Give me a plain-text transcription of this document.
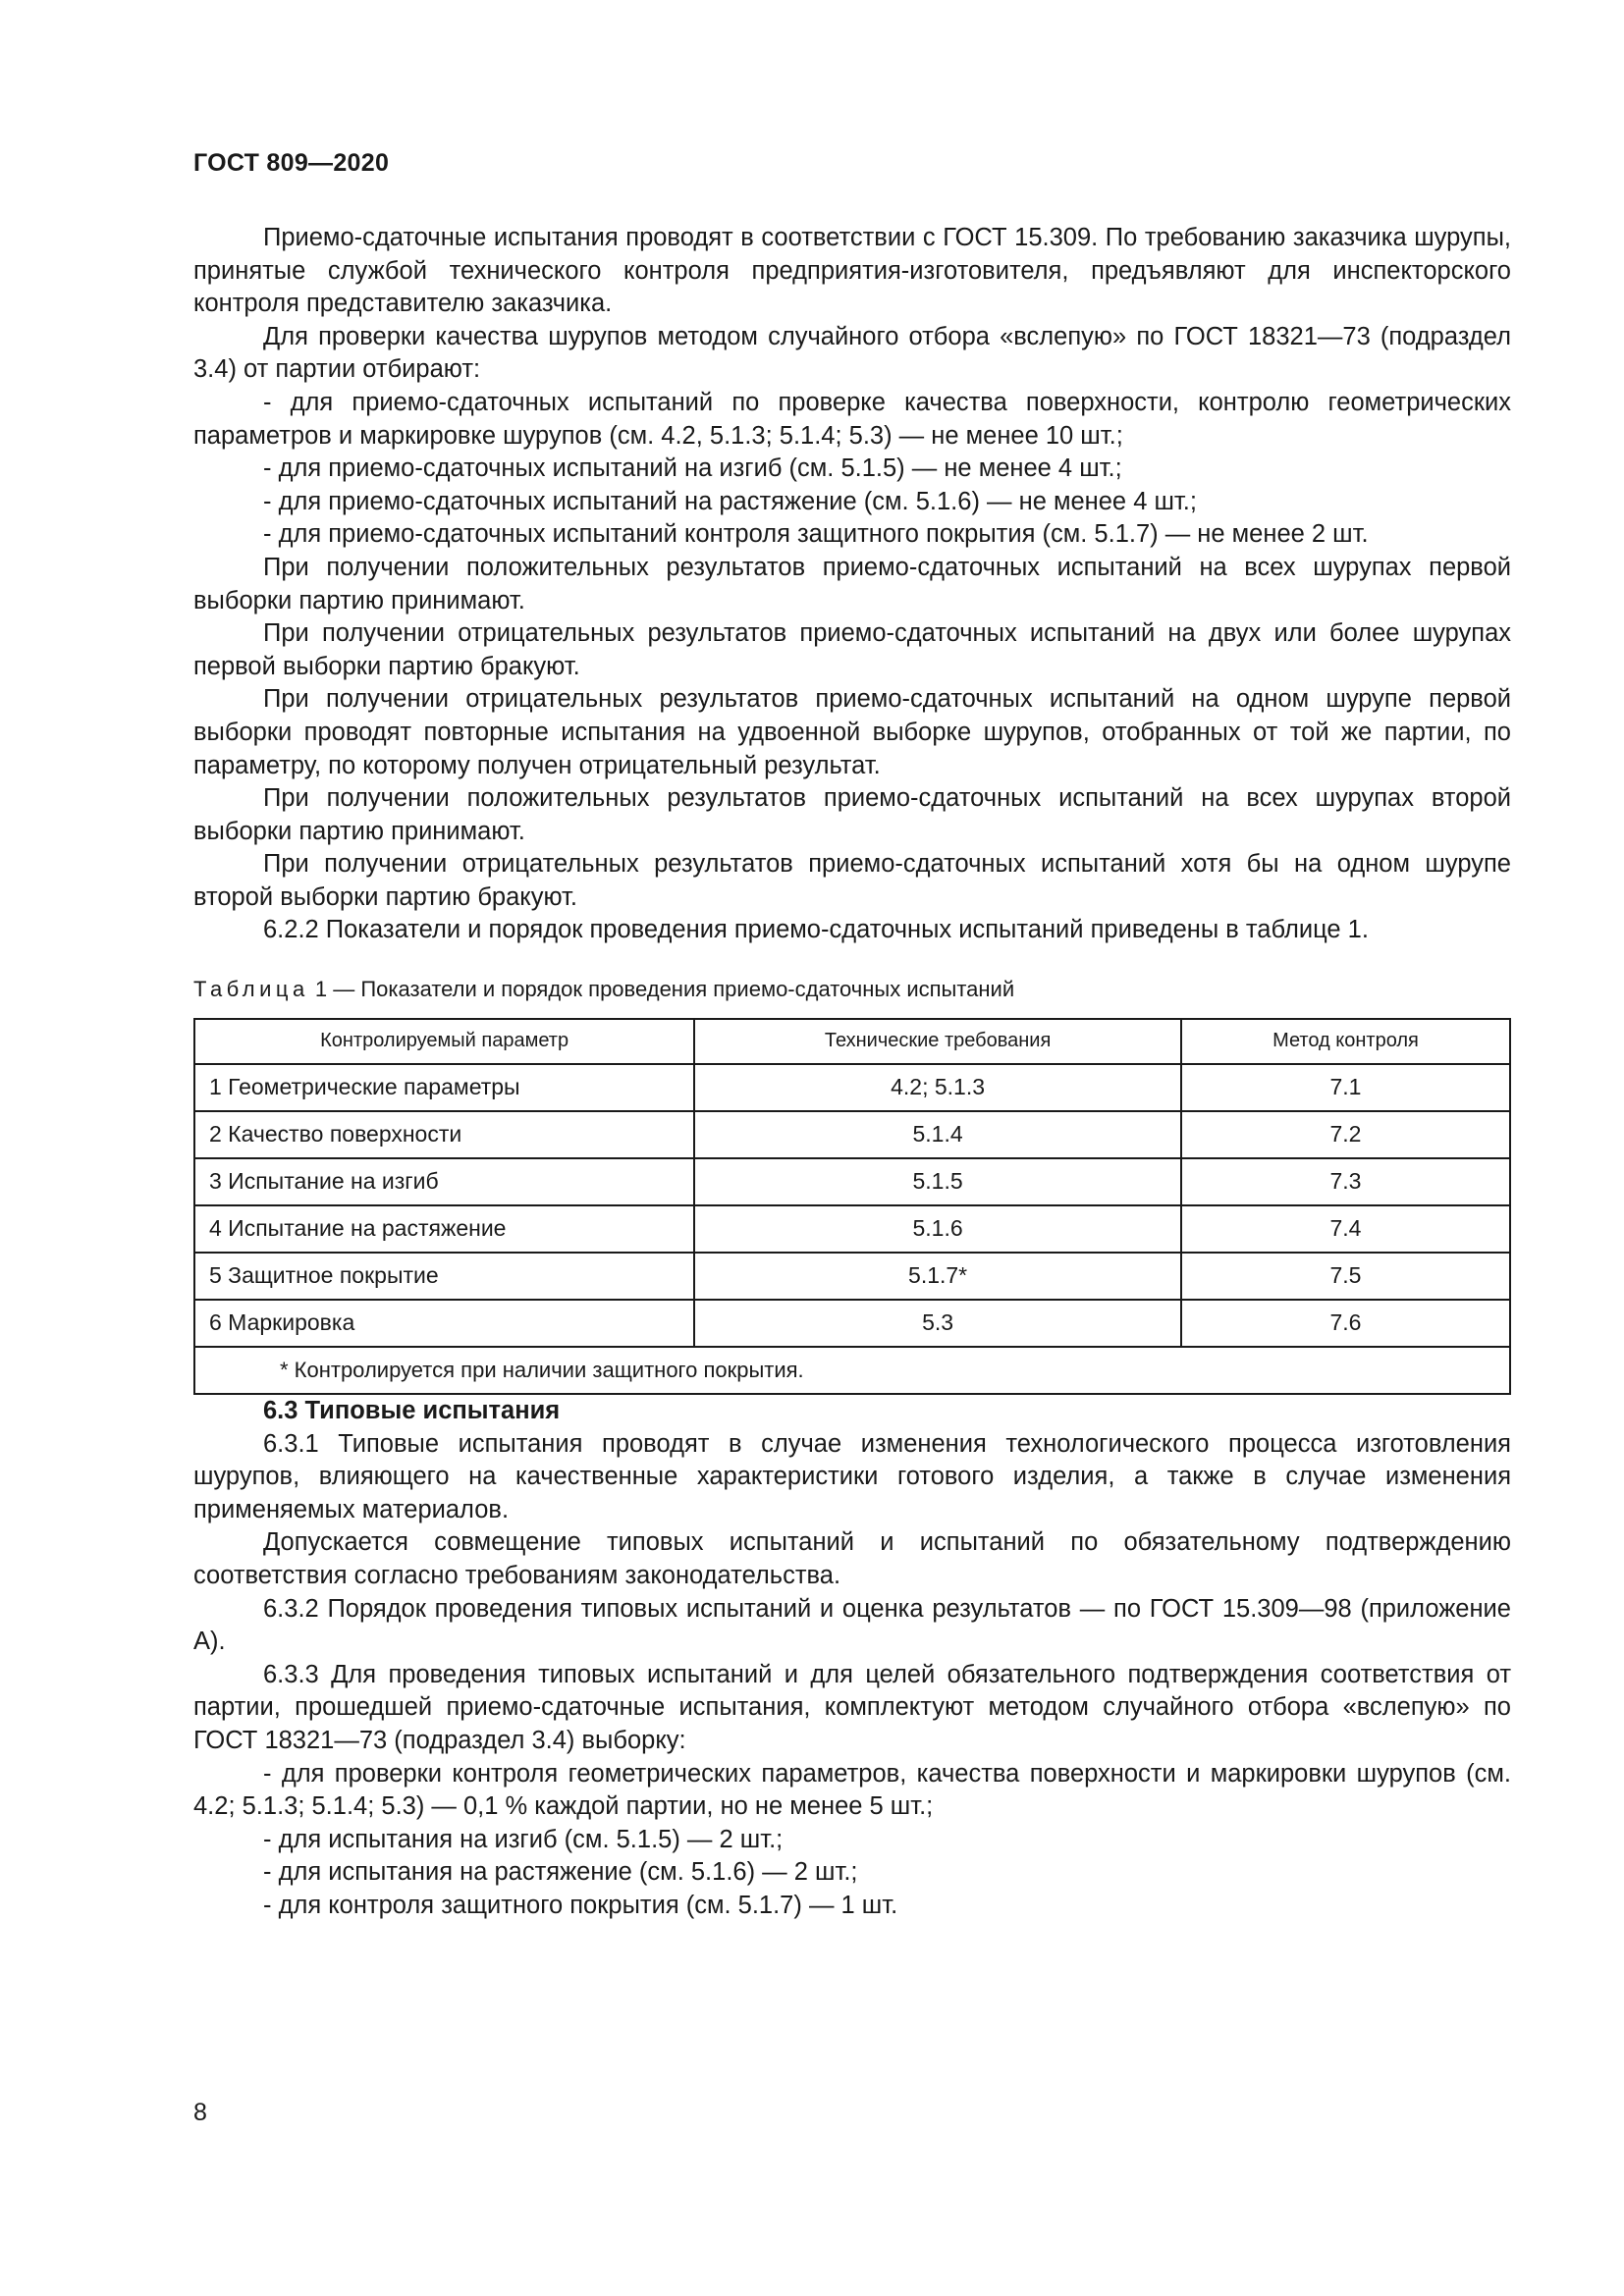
ГОСТ 809—2020

Приемо-сдаточные испытания проводят в соответствии с ГОСТ 15.309. По требованию заказчика шурупы, принятые службой технического контроля предприятия-изготовителя, предъявляют для инспекторского контроля представителю заказчика.

Для проверки качества шурупов методом случайного отбора «вслепую» по ГОСТ 18321—73 (подраздел 3.4) от партии отбирают:

- для приемо-сдаточных испытаний по проверке качества поверхности, контролю геометрических параметров и маркировке шурупов (см. 4.2, 5.1.3; 5.1.4; 5.3) — не менее 10 шт.;

- для приемо-сдаточных испытаний на изгиб (см. 5.1.5) — не менее 4 шт.;

- для приемо-сдаточных испытаний на растяжение (см. 5.1.6) — не менее 4 шт.;

- для приемо-сдаточных испытаний контроля защитного покрытия (см. 5.1.7) — не менее 2 шт.

При получении положительных результатов приемо-сдаточных испытаний на всех шурупах первой выборки партию принимают.

При получении отрицательных результатов приемо-сдаточных испытаний на двух или более шурупах первой выборки партию бракуют.

При получении отрицательных результатов приемо-сдаточных испытаний на одном шурупе первой выборки проводят повторные испытания на удвоенной выборке шурупов, отобранных от той же партии, по параметру, по которому получен отрицательный результат.

При получении положительных результатов приемо-сдаточных испытаний на всех шурупах второй выборки партию принимают.

При получении отрицательных результатов приемо-сдаточных испытаний хотя бы на одном шурупе второй выборки партию бракуют.

6.2.2 Показатели и порядок проведения приемо-сдаточных испытаний приведены в таблице 1.

Таблица 1 — Показатели и порядок проведения приемо-сдаточных испытаний
Контролируемый параметр	Технические требования	Метод контроля
1 Геометрические параметры	4.2; 5.1.3	7.1
2 Качество поверхности	5.1.4	7.2
3 Испытание на изгиб	5.1.5	7.3
4 Испытание на растяжение	5.1.6	7.4
5 Защитное покрытие	5.1.7*	7.5
6 Маркировка	5.3	7.6
* Контролируется при наличии защитного покрытия.		

6.3 Типовые испытания

6.3.1 Типовые испытания проводят в случае изменения технологического процесса изготовления шурупов, влияющего на качественные характеристики готового изделия, а также в случае изменения применяемых материалов.

Допускается совмещение типовых испытаний и испытаний по обязательному подтверждению соответствия согласно требованиям законодательства.

6.3.2 Порядок проведения типовых испытаний и оценка результатов — по ГОСТ 15.309—98 (приложение А).

6.3.3 Для проведения типовых испытаний и для целей обязательного подтверждения соответствия от партии, прошедшей приемо-сдаточные испытания, комплектуют методом случайного отбора «вслепую» по ГОСТ 18321—73 (подраздел 3.4) выборку:

- для проверки контроля геометрических параметров, качества поверхности и маркировки шурупов (см. 4.2; 5.1.3; 5.1.4; 5.3) — 0,1 % каждой партии, но не менее 5 шт.;

- для испытания на изгиб (см. 5.1.5) — 2 шт.;

- для испытания на растяжение (см. 5.1.6) — 2 шт.;

- для контроля защитного покрытия (см. 5.1.7) — 1 шт.

8
